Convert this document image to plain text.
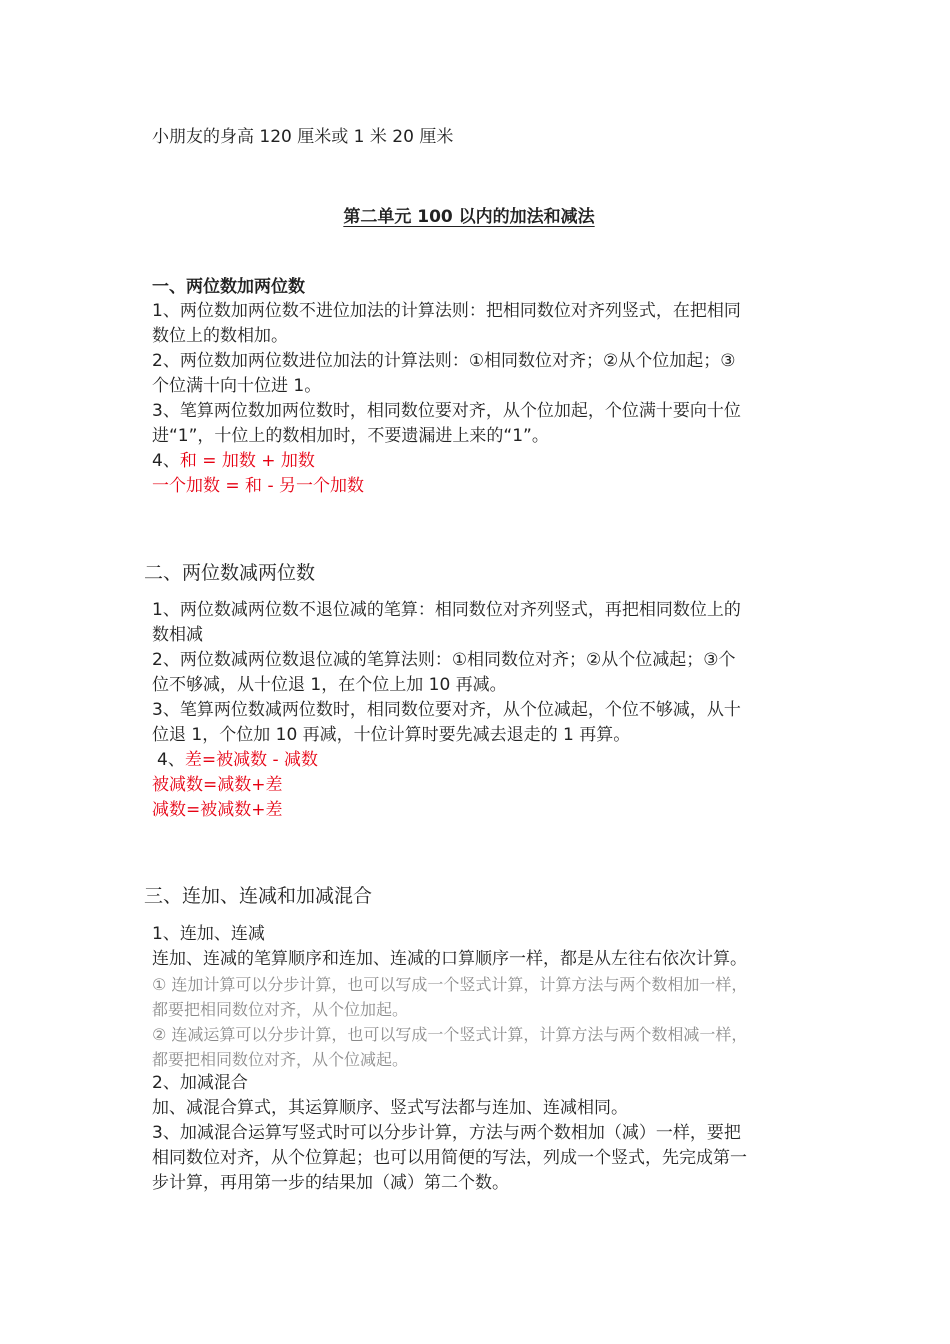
小朋友的身高 120 厘米或 1 米 20 厘米
第二单元 100 以内的加法和减法
一、两位数加两位数
1、两位数加两位数不进位加法的计算法则：把相同数位对齐列竖式，在把相同
数位上的数相加。
2、两位数加两位数进位加法的计算法则：①相同数位对齐；②从个位加起；③
个位满十向十位进 1。
3、笔算两位数加两位数时，相同数位要对齐，从个位加起，个位满十要向十位
进“1”，十位上的数相加时，不要遗漏进上来的“1”。
4、和 = 加数 + 加数
一个加数 = 和 - 另一个加数
二、两位数减两位数
1、两位数减两位数不退位减的笔算：相同数位对齐列竖式，再把相同数位上的
数相减
2、两位数减两位数退位减的笔算法则：①相同数位对齐；②从个位减起；③个
位不够减，从十位退 1，在个位上加 10 再减。
3、笔算两位数减两位数时，相同数位要对齐，从个位减起，个位不够减，从十
位退 1，个位加 10 再减，十位计算时要先减去退走的 1 再算。
4、差=被减数 - 减数
被减数=减数+差
减数=被减数+差
三、连加、连减和加减混合
1、连加、连减
连加、连减的笔算顺序和连加、连减的口算顺序一样，都是从左往右依次计算。
① 连加计算可以分步计算，也可以写成一个竖式计算，计算方法与两个数相加一样，
都要把相同数位对齐，从个位加起。
② 连减运算可以分步计算，也可以写成一个竖式计算，计算方法与两个数相减一样，
都要把相同数位对齐，从个位减起。
2、加减混合
加、减混合算式，其运算顺序、竖式写法都与连加、连减相同。
3、加减混合运算写竖式时可以分步计算，方法与两个数相加（减）一样，要把
相同数位对齐，从个位算起；也可以用简便的写法，列成一个竖式，先完成第一
步计算，再用第一步的结果加（减）第二个数。
